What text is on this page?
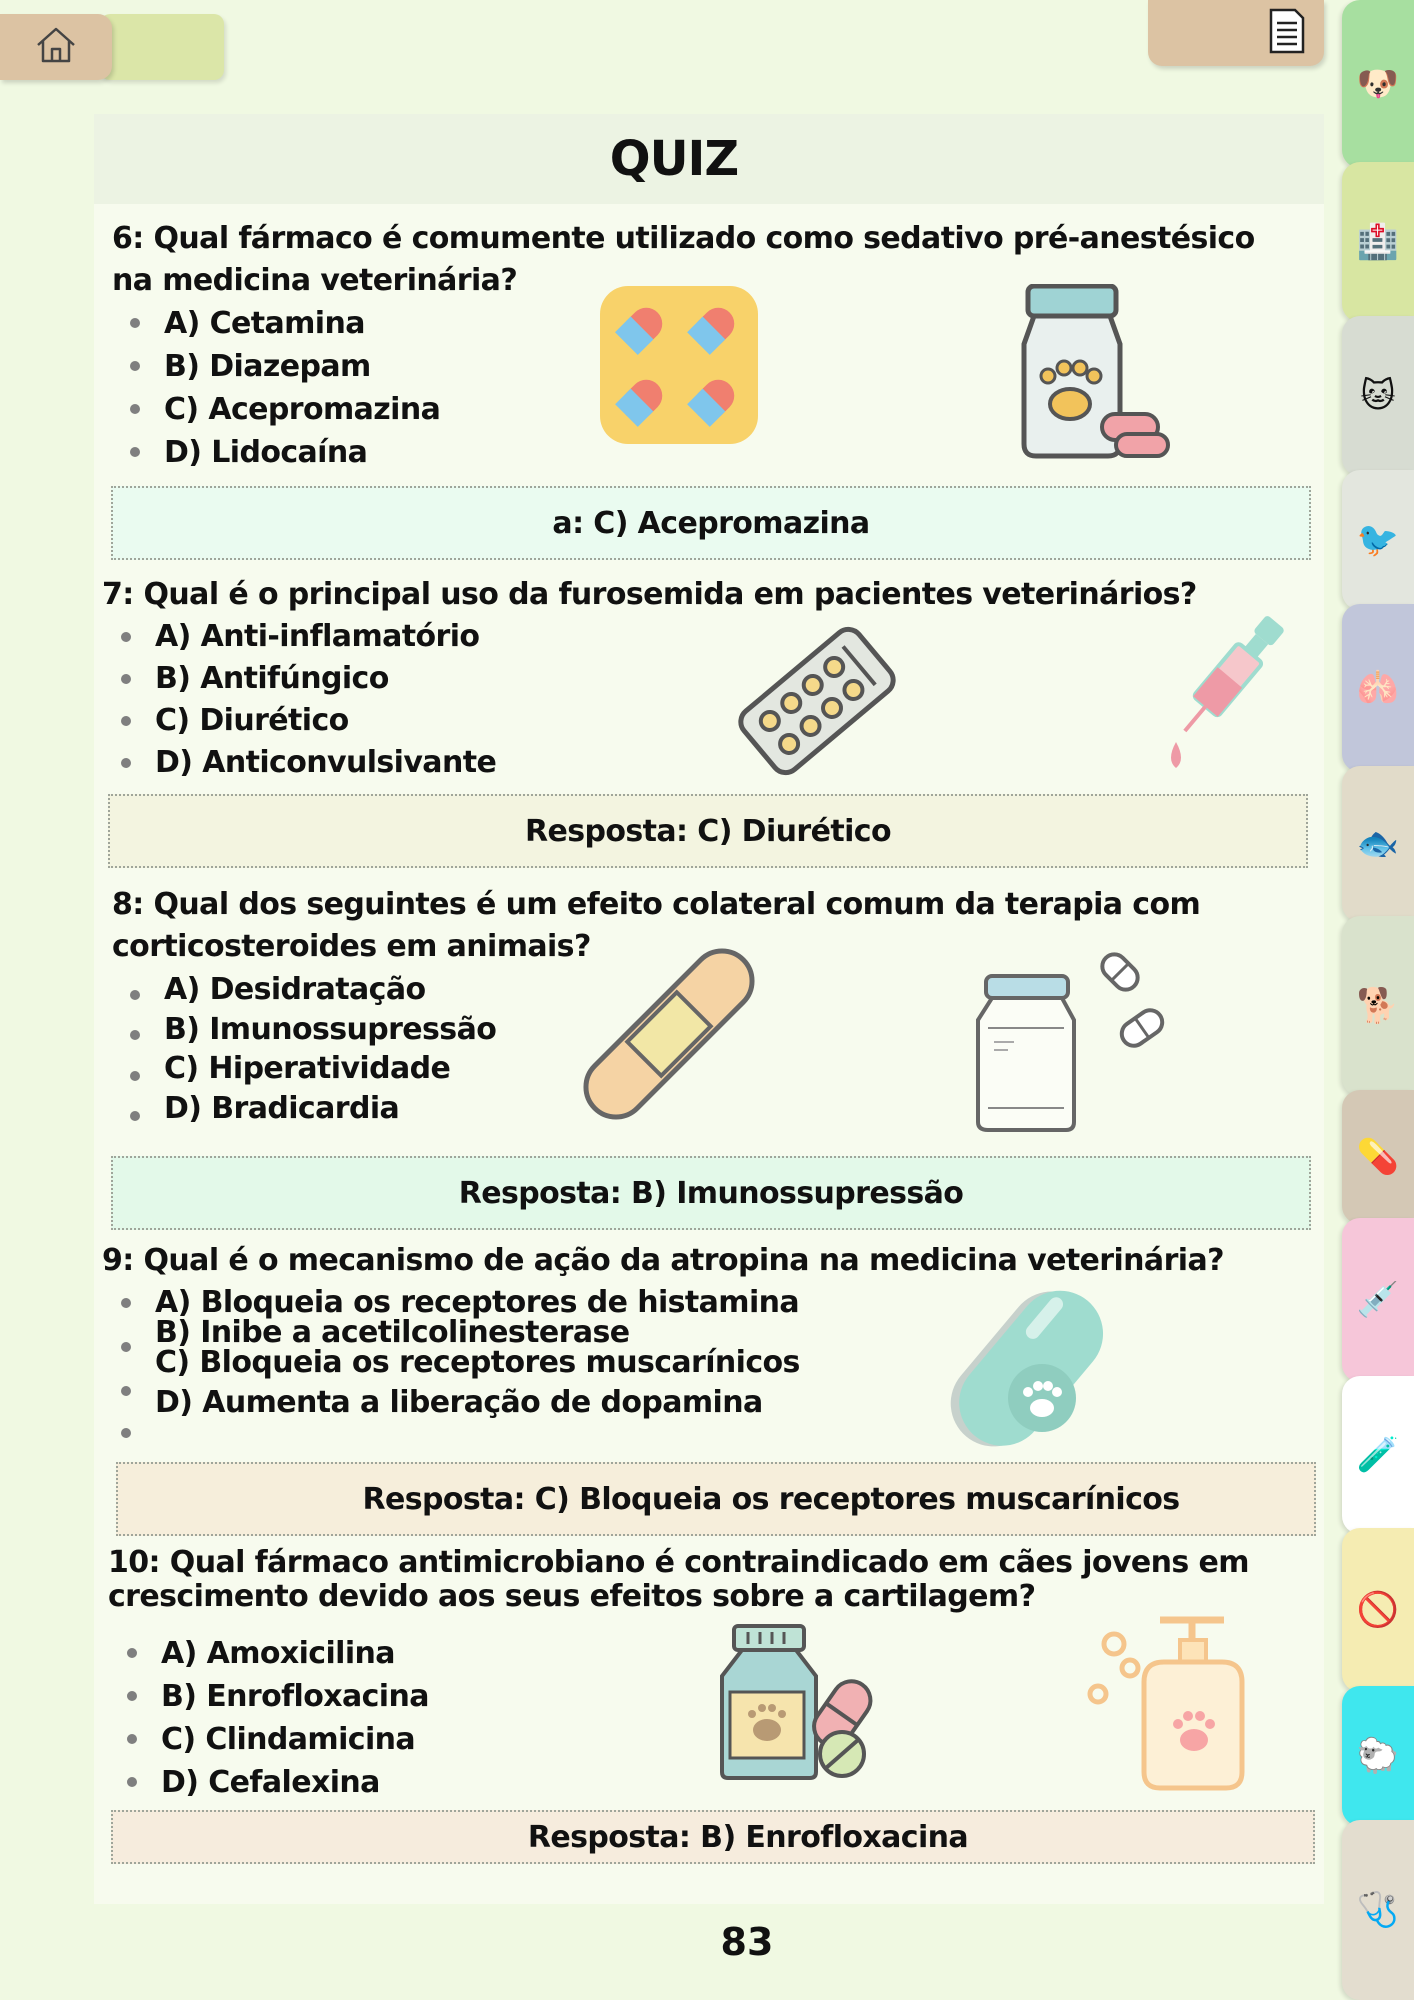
🐶
🏥
🐱
🐦
🫁
🐟
🐕
💊
💉
🧪
🚫
🐑
🩺
QUIZ
6: Qual fármaco é comumente utilizado como sedativo pré-anestésico na medicina veterinária?
A) Cetamina
B) Diazepam
C) Acepromazina
D) Lidocaína
a: C) Acepromazina
7: Qual é o principal uso da furosemida em pacientes veterinários?
A) Anti-inflamatório
B) Antifúngico
C) Diurético
D) Anticonvulsivante
Resposta: C) Diurético
8: Qual dos seguintes é um efeito colateral comum da terapia com corticosteroides em animais?
A) Desidratação
B) Imunossupressão
C) Hiperatividade
D) Bradicardia
Resposta: B) Imunossupressão
9: Qual é o mecanismo de ação da atropina na medicina veterinária?
A) Bloqueia os receptores de histamina
B) Inibe a acetilcolinesterase
C) Bloqueia os receptores muscarínicos
D) Aumenta a liberação de dopamina
Resposta: C) Bloqueia os receptores muscarínicos
10: Qual fármaco antimicrobiano é contraindicado em cães jovens em crescimento devido aos seus efeitos sobre a cartilagem?
A) Amoxicilina
B) Enrofloxacina
C) Clindamicina
D) Cefalexina
Resposta: B) Enrofloxacina
83
